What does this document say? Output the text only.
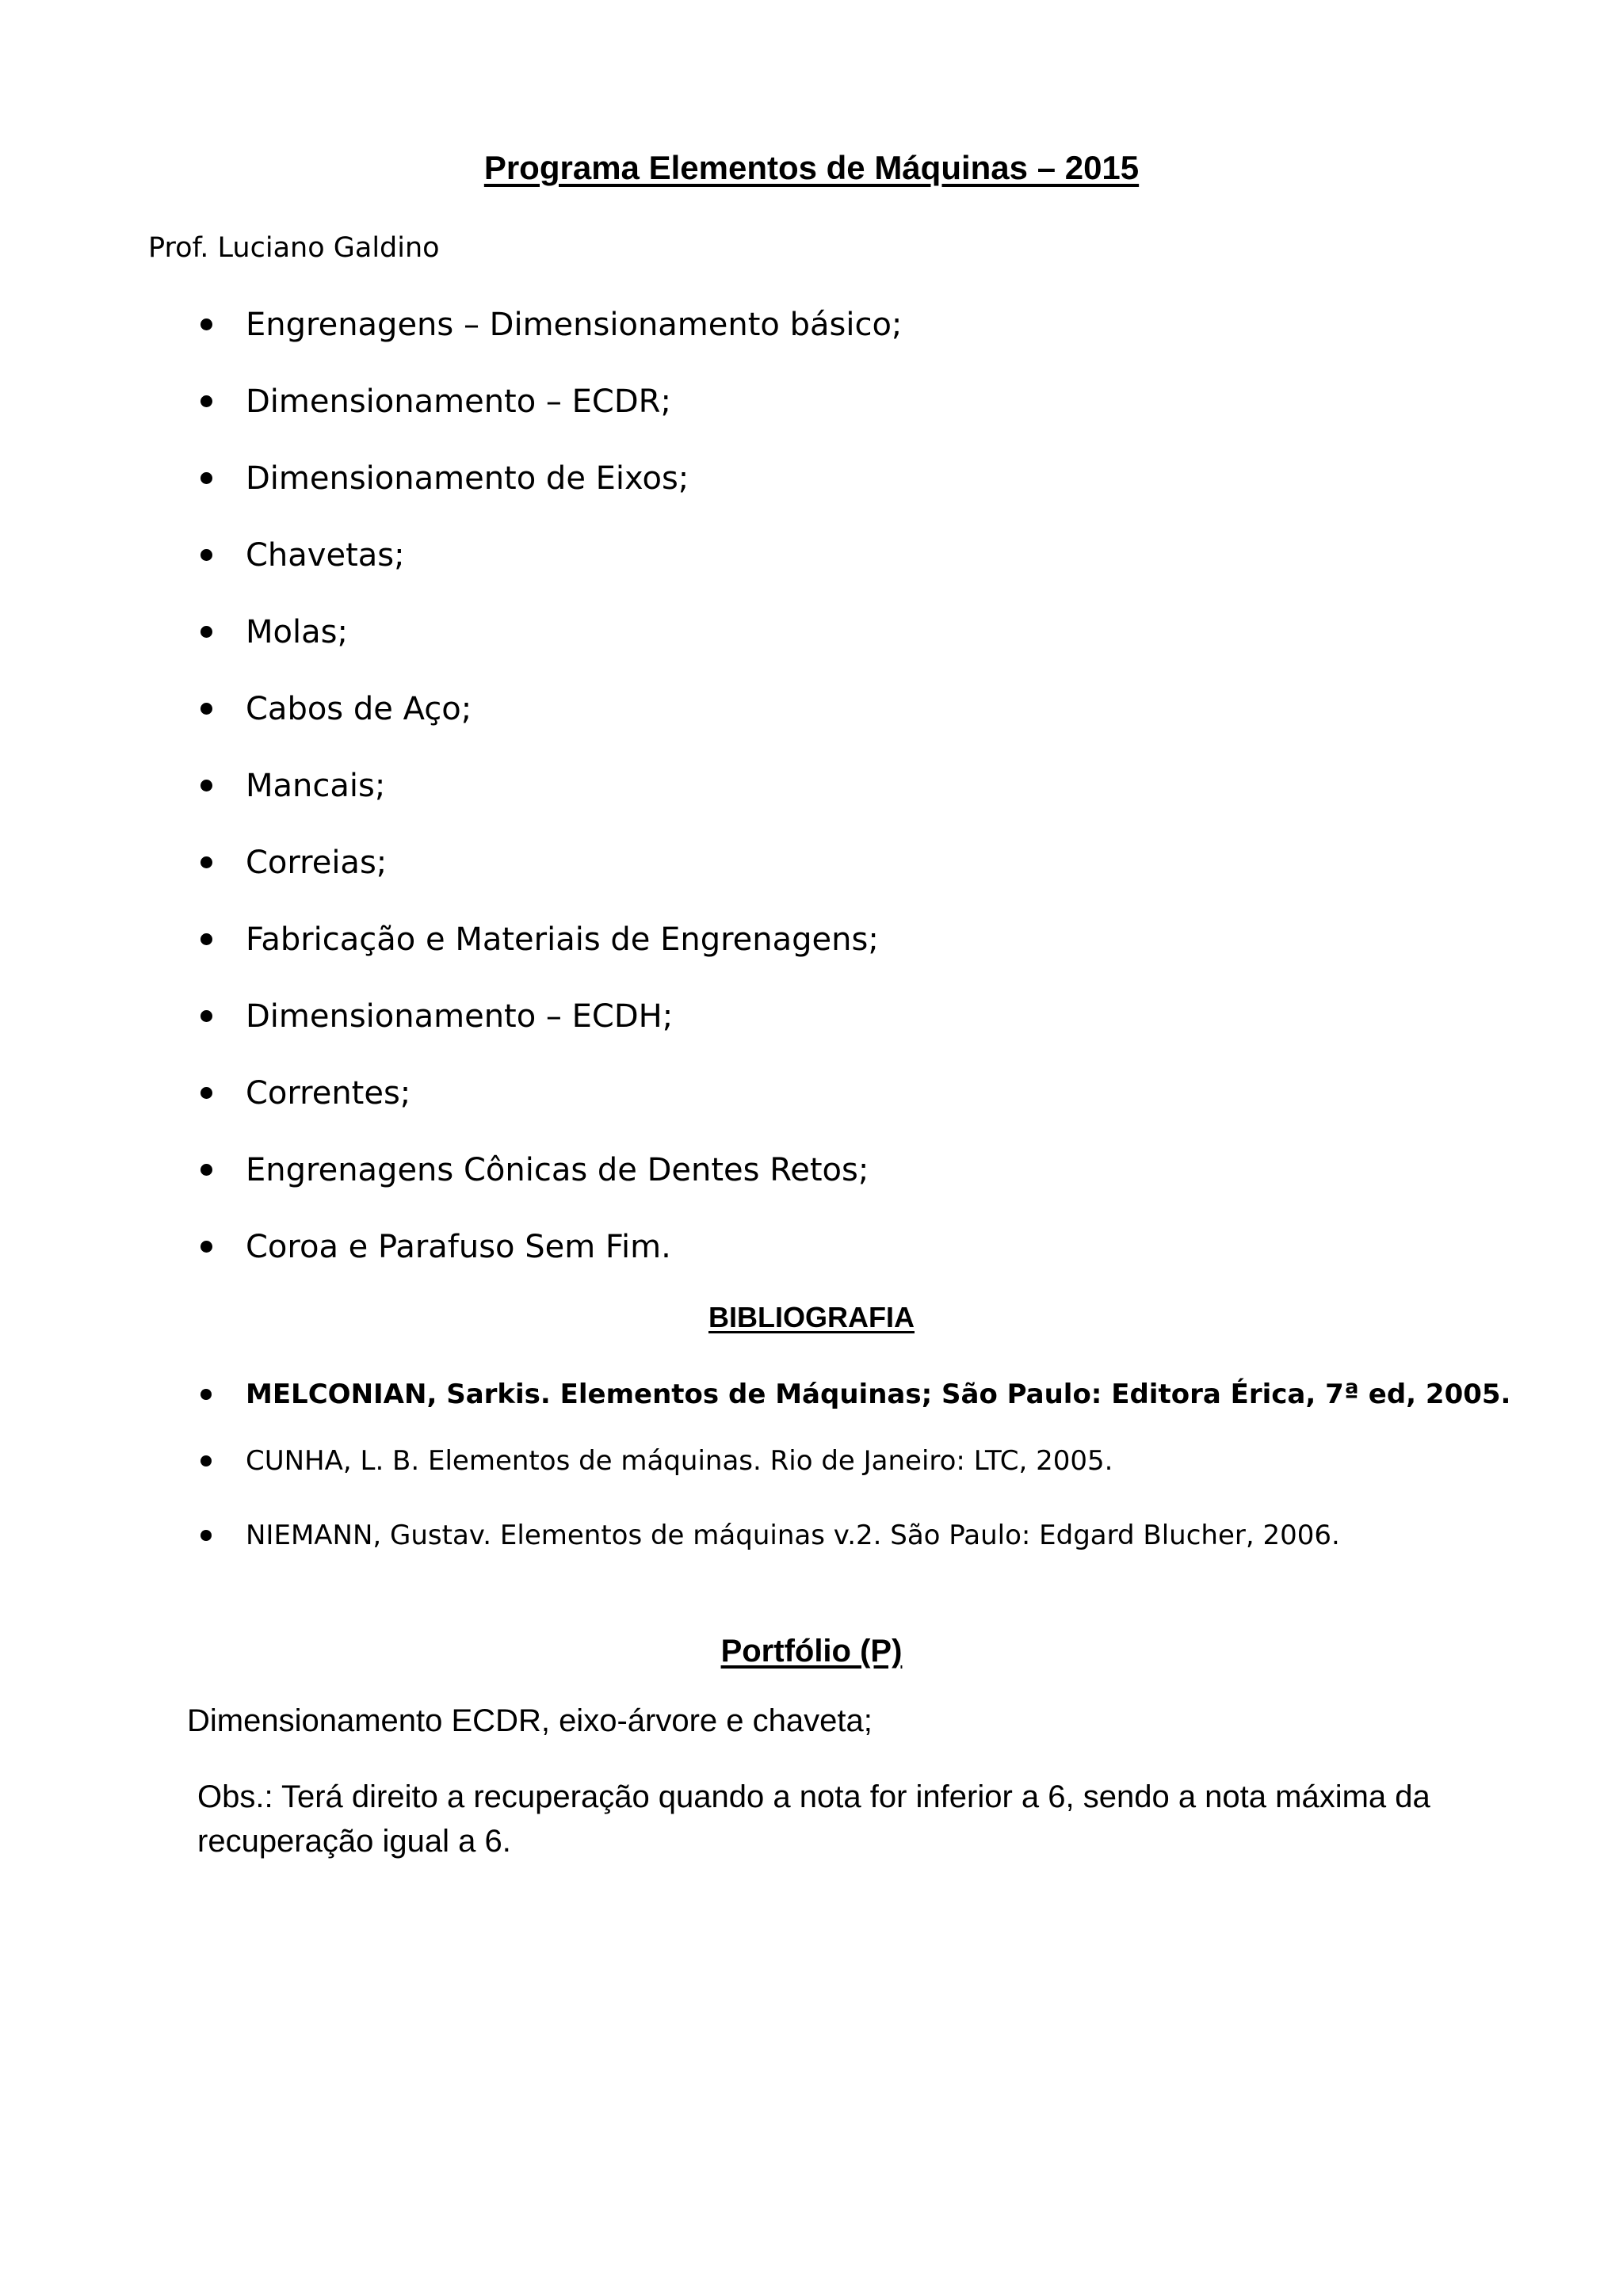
Programa Elementos de Máquinas – 2015
Prof. Luciano Galdino
Engrenagens – Dimensionamento básico;
Dimensionamento – ECDR;
Dimensionamento de Eixos;
Chavetas;
Molas;
Cabos de Aço;
Mancais;
Correias;
Fabricação e Materiais de Engrenagens;
Dimensionamento – ECDH;
Correntes;
Engrenagens Cônicas de Dentes Retos;
Coroa e Parafuso Sem Fim.
BIBLIOGRAFIA
MELCONIAN, Sarkis. Elementos de Máquinas; São Paulo: Editora Érica, 7ª ed, 2005.
CUNHA, L. B. Elementos de máquinas. Rio de Janeiro: LTC, 2005.
NIEMANN, Gustav. Elementos de máquinas v.2. São Paulo: Edgard Blucher, 2006.
Portfólio (P)
Dimensionamento ECDR, eixo-árvore e chaveta;
Obs.: Terá direito a recuperação quando a nota for inferior a 6, sendo a nota máxima da recuperação igual a 6.
